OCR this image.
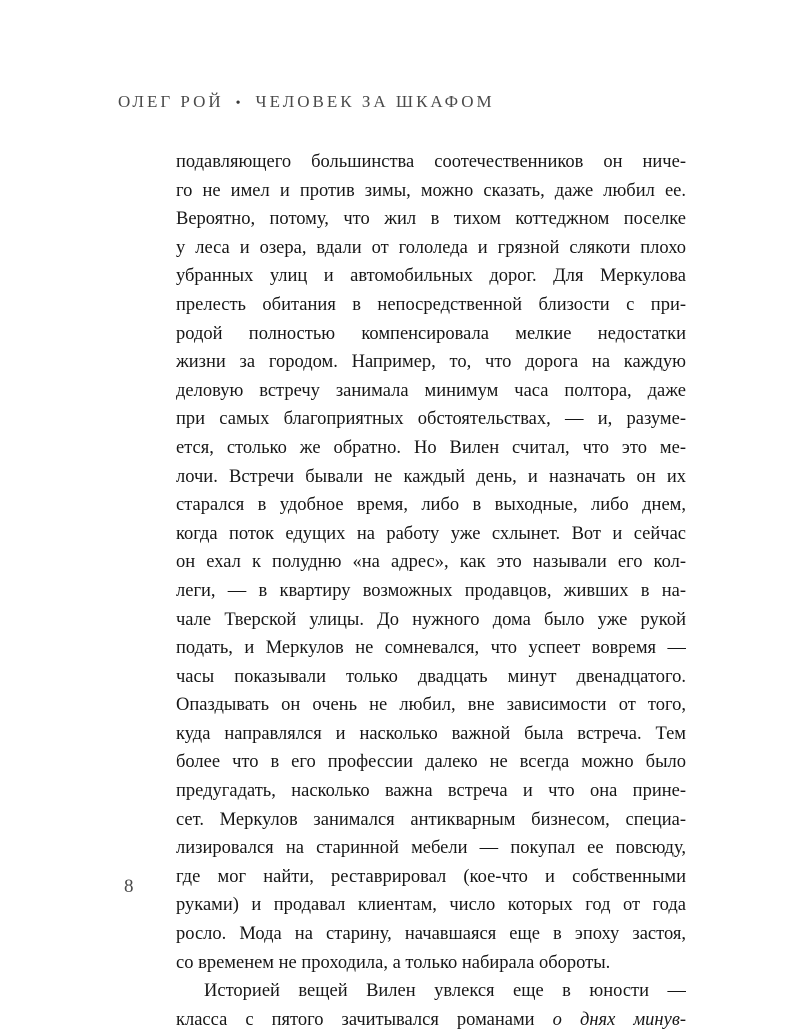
ОЛЕГ РОЙ • ЧЕЛОВЕК ЗА ШКАФОМ
подавляющего большинства соотечественников он ниче-
го не имел и против зимы, можно сказать, даже любил ее.
Вероятно, потому, что жил в тихом коттеджном поселке
у леса и озера, вдали от гололеда и грязной слякоти плохо
убранных улиц и автомобильных дорог. Для Меркулова
прелесть обитания в непосредственной близости с при-
родой полностью компенсировала мелкие недостатки
жизни за городом. Например, то, что дорога на каждую
деловую встречу занимала минимум часа полтора, даже
при самых благоприятных обстоятельствах, — и, разуме-
ется, столько же обратно. Но Вилен считал, что это ме-
лочи. Встречи бывали не каждый день, и назначать он их
старался в удобное время, либо в выходные, либо днем,
когда поток едущих на работу уже схлынет. Вот и сейчас
он ехал к полудню «на адрес», как это называли его кол-
леги, — в квартиру возможных продавцов, живших в на-
чале Тверской улицы. До нужного дома было уже рукой
подать, и Меркулов не сомневался, что успеет вовремя —
часы показывали только двадцать минут двенадцатого.
Опаздывать он очень не любил, вне зависимости от того,
куда направлялся и насколько важной была встреча. Тем
более что в его профессии далеко не всегда можно было
предугадать, насколько важна встреча и что она прине-
сет. Меркулов занимался антикварным бизнесом, специа-
лизировался на старинной мебели — покупал ее повсюду,
где мог найти, реставрировал (кое-что и собственными
руками) и продавал клиентам, число которых год от года
росло. Мода на старину, начавшаяся еще в эпоху застоя,
со временем не проходила, а только набирала обороты.
Историей вещей Вилен увлекся еще в юности —
класса с пятого зачитывался романами о днях минув-
8
